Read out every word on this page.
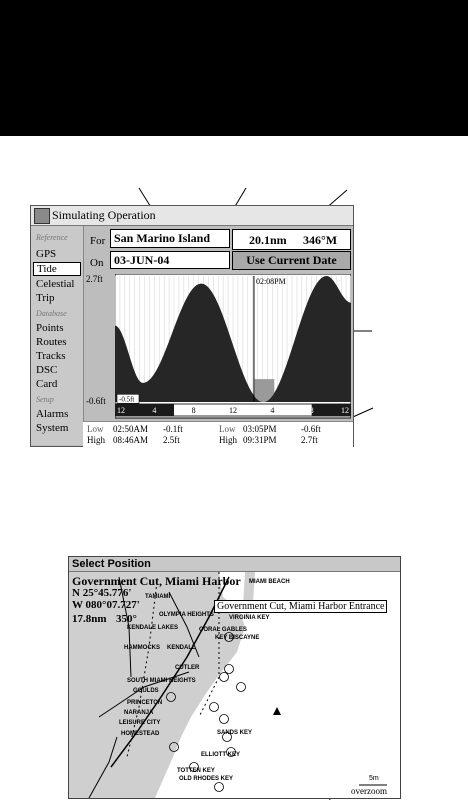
Simulating Operation
Reference
GPS
Tide
Celestial
Trip
Database
Points
Routes
Tracks
DSC
Card
Setup
Alarms
System
For San Marino Island
On 03-JUN-04
20.1nm 346°M
Use Current Date
2.7ft
-0.6ft
02:08PM
-0.5ft
12	4	8	12	4	8	12
Low 02:50AM -0.1ft	Low 03:05PM	-0.6ft
High 08:46AM 2.5ft	High 09:31PM	2.7ft
Select Position
Government Cut, Miami Harbor
N 25°45.776'
W 080°07.727'
17.8nm 350°
Government Cut, Miami Harbor Entrance
MIAMI BEACH
TAMIAMI
OLYMPIA HEIGHTS	VIRGINIA KEY
KENDALE LAKES	CORAL GABLES
KEY BISCAYNE
HAMMOCKS KENDALL
CUTLER
SOUTH MIAMI HEIGHTS
GOULDS
PRINCETON
NARANJA
LEISURE CITY
HOMESTEAD	SANDS KEY
ELLIOTT KEY
TOTTEN KEY
OLD RHODES KEY	5m
overzoom
